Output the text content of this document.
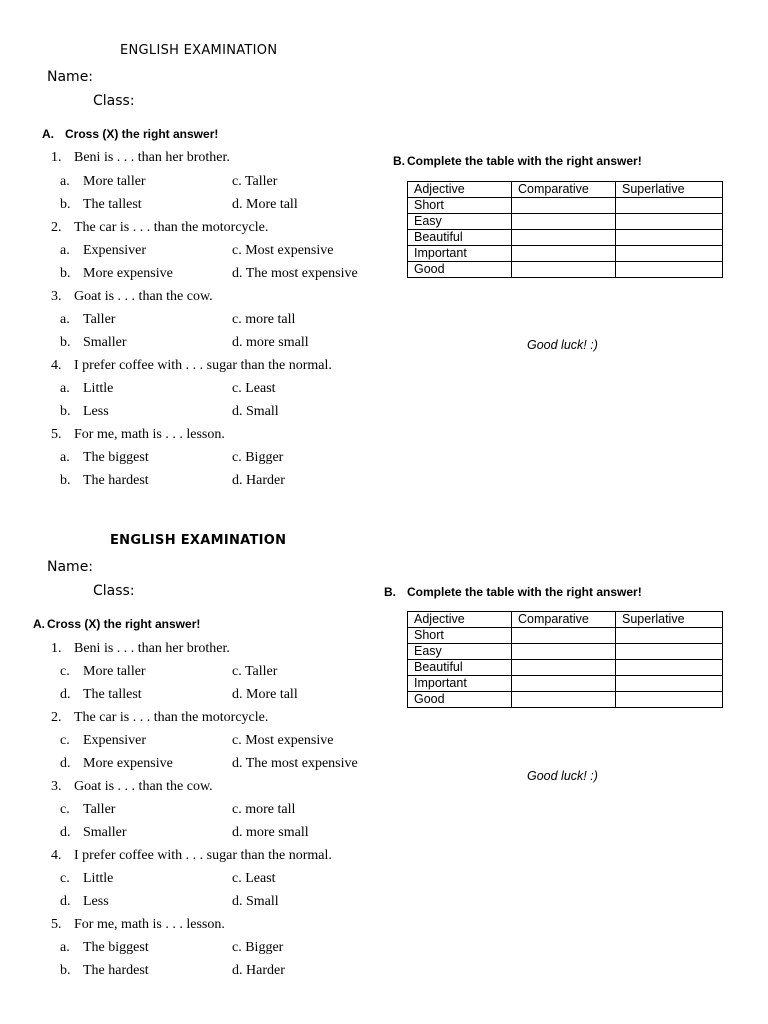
ENGLISH EXAMINATION
Name:
Class:
A. Cross (X) the right answer!
1. Beni is . . . than her brother.
a. More taller	c. Taller
b. The tallest	d. More tall
2. The car is . . . than the motorcycle.
a. Expensiver	c. Most expensive
b. More expensive	d. The most expensive
3. Goat is . . . than the cow.
a. Taller	c. more tall
b. Smaller	d. more small
4. I prefer coffee with . . . sugar than the normal.
a. Little	c. Least
b. Less	d. Small
5. For me, math is . . . lesson.
a. The biggest	c. Bigger
b. The hardest	d. Harder
B. Complete the table with the right answer!
Adjective	Comparative	Superlative
Short		
Easy		
Beautiful		
Important		
Good		
Good luck! :)
ENGLISH EXAMINATION
Name:
Class:
A. Cross (X) the right answer!
1. Beni is . . . than her brother.
c. More taller	c. Taller
d. The tallest	d. More tall
2. The car is . . . than the motorcycle.
c. Expensiver	c. Most expensive
d. More expensive	d. The most expensive
3. Goat is . . . than the cow.
c. Taller	c. more tall
d. Smaller	d. more small
4. I prefer coffee with . . . sugar than the normal.
c. Little	c. Least
d. Less	d. Small
5. For me, math is . . . lesson.
a. The biggest	c. Bigger
b. The hardest	d. Harder
B. Complete the table with the right answer!
Adjective	Comparative	Superlative
Short		
Easy		
Beautiful		
Important		
Good		
Good luck! :)
